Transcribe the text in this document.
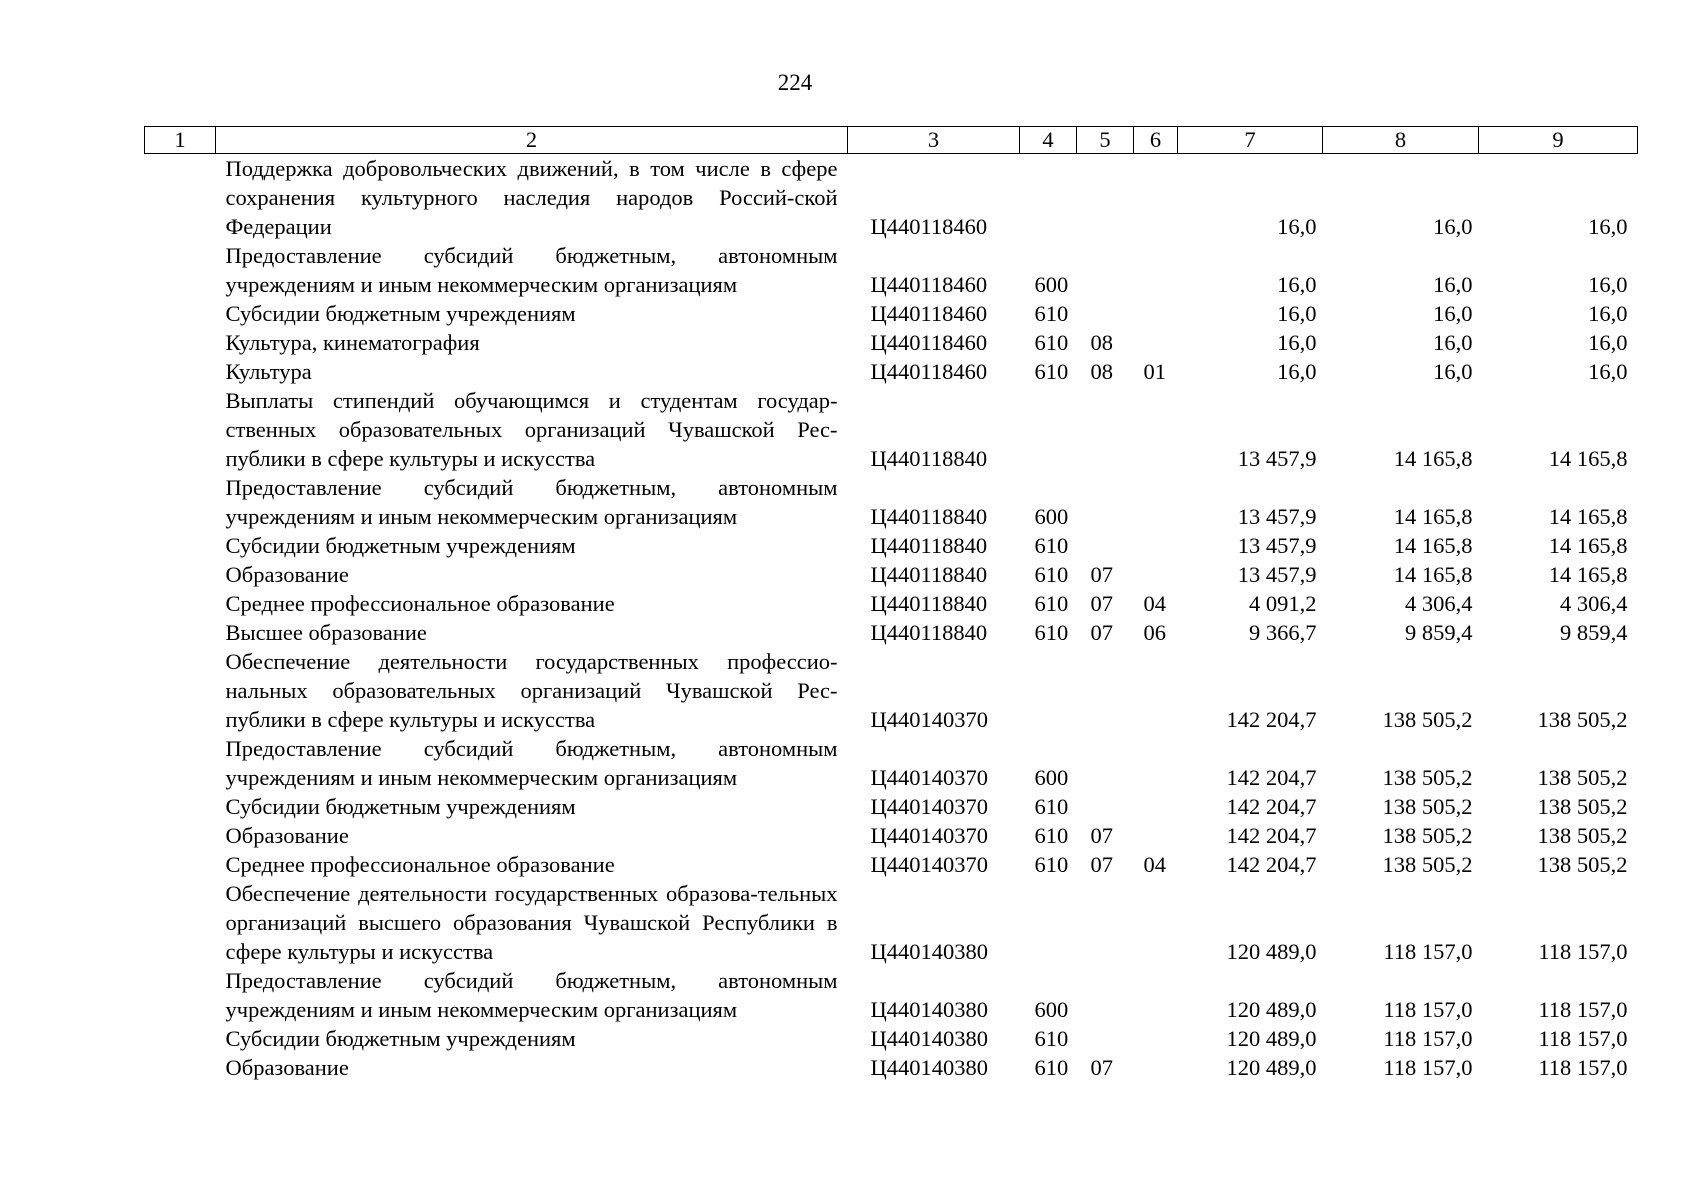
224
1	2	3	4	5	6	7	8	9
	Поддержка добровольческих движений, в том числе в сфере сохранения культурного наследия народов Россий-ской Федерации	Ц440118460				16,0	16,0	16,0
	Предоставление субсидий бюджетным, автономным учреждениям и иным некоммерческим организациям	Ц440118460	600			16,0	16,0	16,0
	Субсидии бюджетным учреждениям	Ц440118460	610			16,0	16,0	16,0
	Культура, кинематография	Ц440118460	610	08		16,0	16,0	16,0
	Культура	Ц440118460	610	08	01	16,0	16,0	16,0
	Выплаты стипендий обучающимся и студентам государ-ственных образовательных организаций Чувашской Рес-публики в сфере культуры и искусства	Ц440118840				13 457,9	14 165,8	14 165,8
	Предоставление субсидий бюджетным, автономным учреждениям и иным некоммерческим организациям	Ц440118840	600			13 457,9	14 165,8	14 165,8
	Субсидии бюджетным учреждениям	Ц440118840	610			13 457,9	14 165,8	14 165,8
	Образование	Ц440118840	610	07		13 457,9	14 165,8	14 165,8
	Среднее профессиональное образование	Ц440118840	610	07	04	4 091,2	4 306,4	4 306,4
	Высшее образование	Ц440118840	610	07	06	9 366,7	9 859,4	9 859,4
	Обеспечение деятельности государственных профессио-нальных образовательных организаций Чувашской Рес-публики в сфере культуры и искусства	Ц440140370				142 204,7	138 505,2	138 505,2
	Предоставление субсидий бюджетным, автономным учреждениям и иным некоммерческим организациям	Ц440140370	600			142 204,7	138 505,2	138 505,2
	Субсидии бюджетным учреждениям	Ц440140370	610			142 204,7	138 505,2	138 505,2
	Образование	Ц440140370	610	07		142 204,7	138 505,2	138 505,2
	Среднее профессиональное образование	Ц440140370	610	07	04	142 204,7	138 505,2	138 505,2
	Обеспечение деятельности государственных образова-тельных организаций высшего образования Чувашской Республики в сфере культуры и искусства	Ц440140380				120 489,0	118 157,0	118 157,0
	Предоставление субсидий бюджетным, автономным учреждениям и иным некоммерческим организациям	Ц440140380	600			120 489,0	118 157,0	118 157,0
	Субсидии бюджетным учреждениям	Ц440140380	610			120 489,0	118 157,0	118 157,0
	Образование	Ц440140380	610	07		120 489,0	118 157,0	118 157,0
